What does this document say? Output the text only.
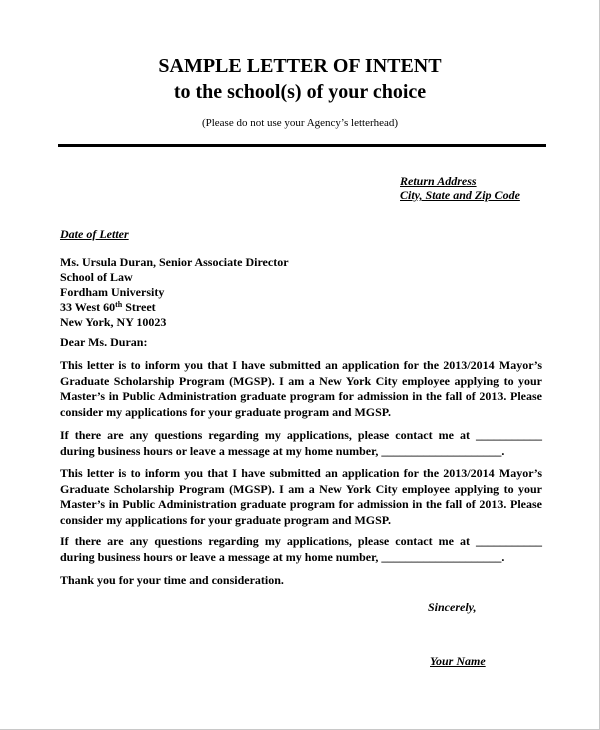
SAMPLE LETTER OF INTENT
to the school(s) of your choice
(Please do not use your Agency’s letterhead)
Return Address
City, State and Zip Code
Date of Letter
Ms. Ursula Duran, Senior Associate Director
School of Law
Fordham University
33 West 60th Street
New York, NY 10023
Dear Ms. Duran:
This letter is to inform you that I have submitted an application for the 2013/2014 Mayor’s
Graduate Scholarship Program (MGSP). I am a New York City employee applying to your
Master’s in Public Administration graduate program for admission in the fall of 2013. Please
consider my applications for your graduate program and MGSP.
If there are any questions regarding my applications, please contact me at ___________
during business hours or leave a message at my home number, ____________________.
This letter is to inform you that I have submitted an application for the 2013/2014 Mayor’s
Graduate Scholarship Program (MGSP). I am a New York City employee applying to your
Master’s in Public Administration graduate program for admission in the fall of 2013. Please
consider my applications for your graduate program and MGSP.
If there are any questions regarding my applications, please contact me at ___________
during business hours or leave a message at my home number, ____________________.
Thank you for your time and consideration.
Sincerely,
Your Name
